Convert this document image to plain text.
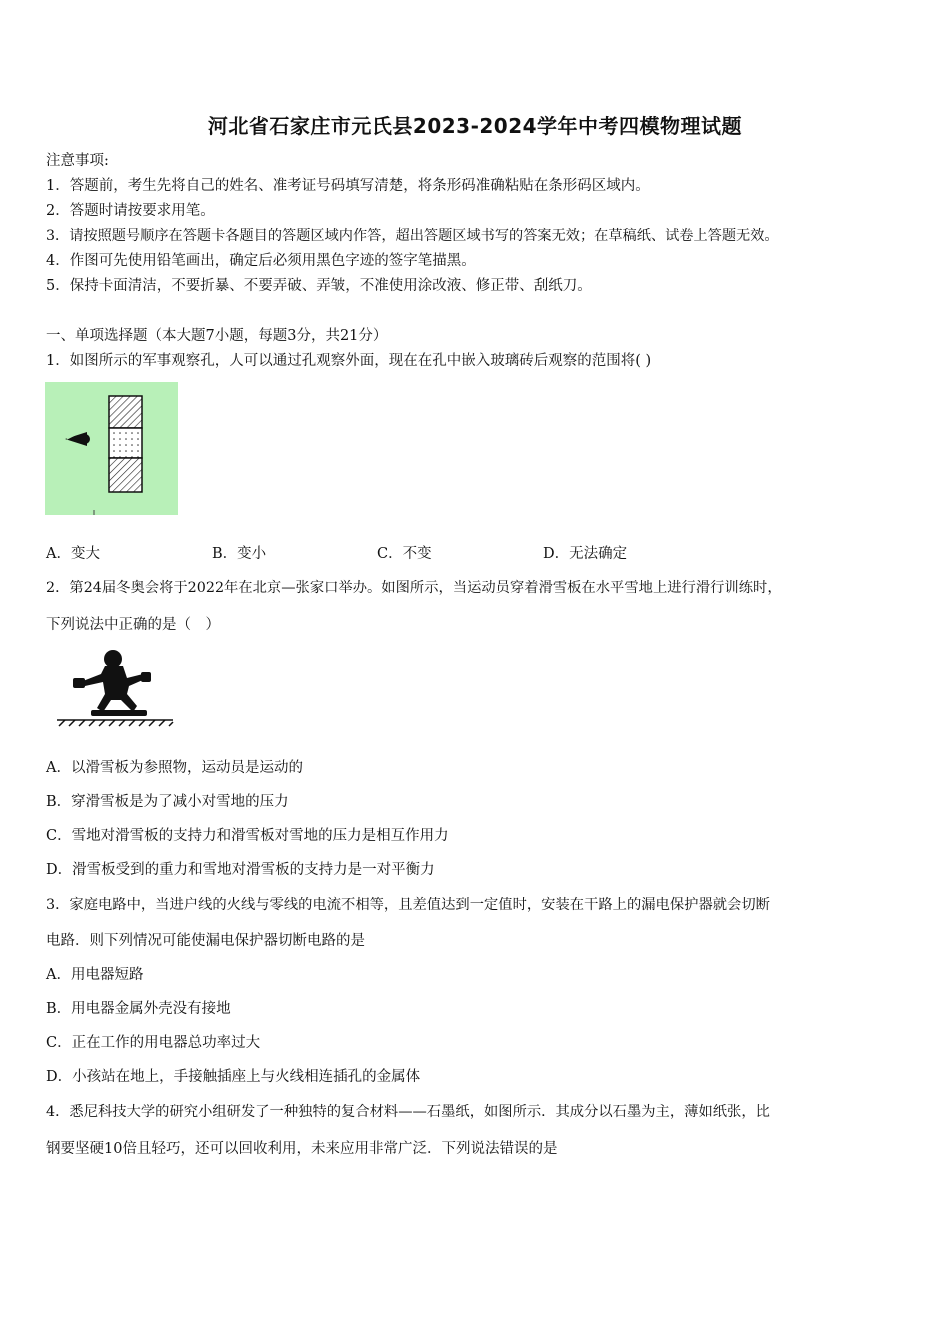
河北省石家庄市元氏县2023-2024学年中考四模物理试题
注意事项:
1．答题前，考生先将自己的姓名、准考证号码填写清楚，将条形码准确粘贴在条形码区域内。
2．答题时请按要求用笔。
3．请按照题号顺序在答题卡各题目的答题区域内作答，超出答题区域书写的答案无效；在草稿纸、试卷上答题无效。
4．作图可先使用铅笔画出，确定后必须用黑色字迹的签字笔描黑。
5．保持卡面清洁，不要折暴、不要弄破、弄皱，不准使用涂改液、修正带、刮纸刀。
一、单项选择题（本大题7小题，每题3分，共21分）
1．如图所示的军事观察孔，人可以通过孔观察外面，现在在孔中嵌入玻璃砖后观察的范围将( )
A．变大	B．变小	C．不变	D．无法确定
2．第24届冬奥会将于2022年在北京—张家口举办。如图所示，当运动员穿着滑雪板在水平雪地上进行滑行训练时，
下列说法中正确的是（　）
A．以滑雪板为参照物，运动员是运动的
B．穿滑雪板是为了减小对雪地的压力
C．雪地对滑雪板的支持力和滑雪板对雪地的压力是相互作用力
D．滑雪板受到的重力和雪地对滑雪板的支持力是一对平衡力
3．家庭电路中，当进户线的火线与零线的电流不相等，且差值达到一定值时，安装在干路上的漏电保护器就会切断
电路．则下列情况可能使漏电保护器切断电路的是
A．用电器短路
B．用电器金属外壳没有接地
C．正在工作的用电器总功率过大
D．小孩站在地上，手接触插座上与火线相连插孔的金属体
4．悉尼科技大学的研究小组研发了一种独特的复合材料——石墨纸，如图所示．其成分以石墨为主，薄如纸张，比
钢要坚硬10倍且轻巧，还可以回收利用，未来应用非常广泛．下列说法错误的是
